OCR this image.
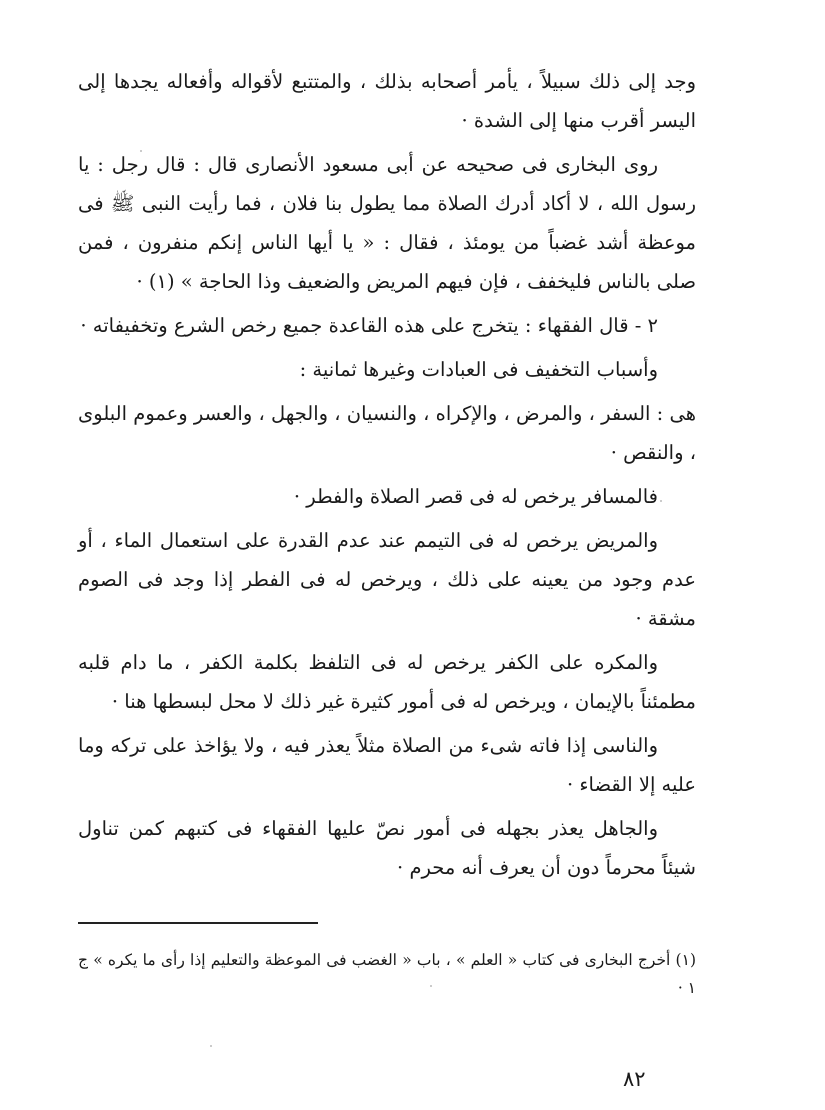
وجد إلى ذلك سبيلاً ، يأمر أصحابه بذلك ، والمتتبع لأقواله وأفعاله يجدها إلى اليسر أقرب منها إلى الشدة ·

روى البخارى فى صحيحه عن أبى مسعود الأنصارى قال : قال رجل : يا رسول الله ، لا أكاد أدرك الصلاة مما يطول بنا فلان ، فما رأيت النبى ﷺ فى موعظة أشد غضباً من يومئذ ، فقال : « يا أيها الناس إنكم منفرون ، فمن صلى بالناس فليخفف ، فإن فيهم المريض والضعيف وذا الحاجة » (١) ·

٢ - قال الفقهاء : يتخرج على هذه القاعدة جميع رخص الشرع وتخفيفاته ·

وأسباب التخفيف فى العبادات وغيرها ثمانية :

هى : السفر ، والمرض ، والإكراه ، والنسيان ، والجهل ، والعسر وعموم البلوى ، والنقص ·

فالمسافر يرخص له فى قصر الصلاة والفطر ·

والمريض يرخص له فى التيمم عند عدم القدرة على استعمال الماء ، أو عدم وجود من يعينه على ذلك ، ويرخص له فى الفطر إذا وجد فى الصوم مشقة ·

والمكره على الكفر يرخص له فى التلفظ بكلمة الكفر ، ما دام قلبه مطمئناً بالإيمان ، ويرخص له فى أمور كثيرة غير ذلك لا محل لبسطها هنا ·

والناسى إذا فاته شىء من الصلاة مثلاً يعذر فيه ، ولا يؤاخذ على تركه وما عليه إلا القضاء ·

والجاهل يعذر بجهله فى أمور نصّ عليها الفقهاء فى كتبهم كمن تناول شيئاً محرماً دون أن يعرف أنه محرم ·

(١) أخرج البخارى فى كتاب « العلم » ، باب « الغضب فى الموعظة والتعليم إذا رأى ما يكره » ج ١ ·

٨٢
